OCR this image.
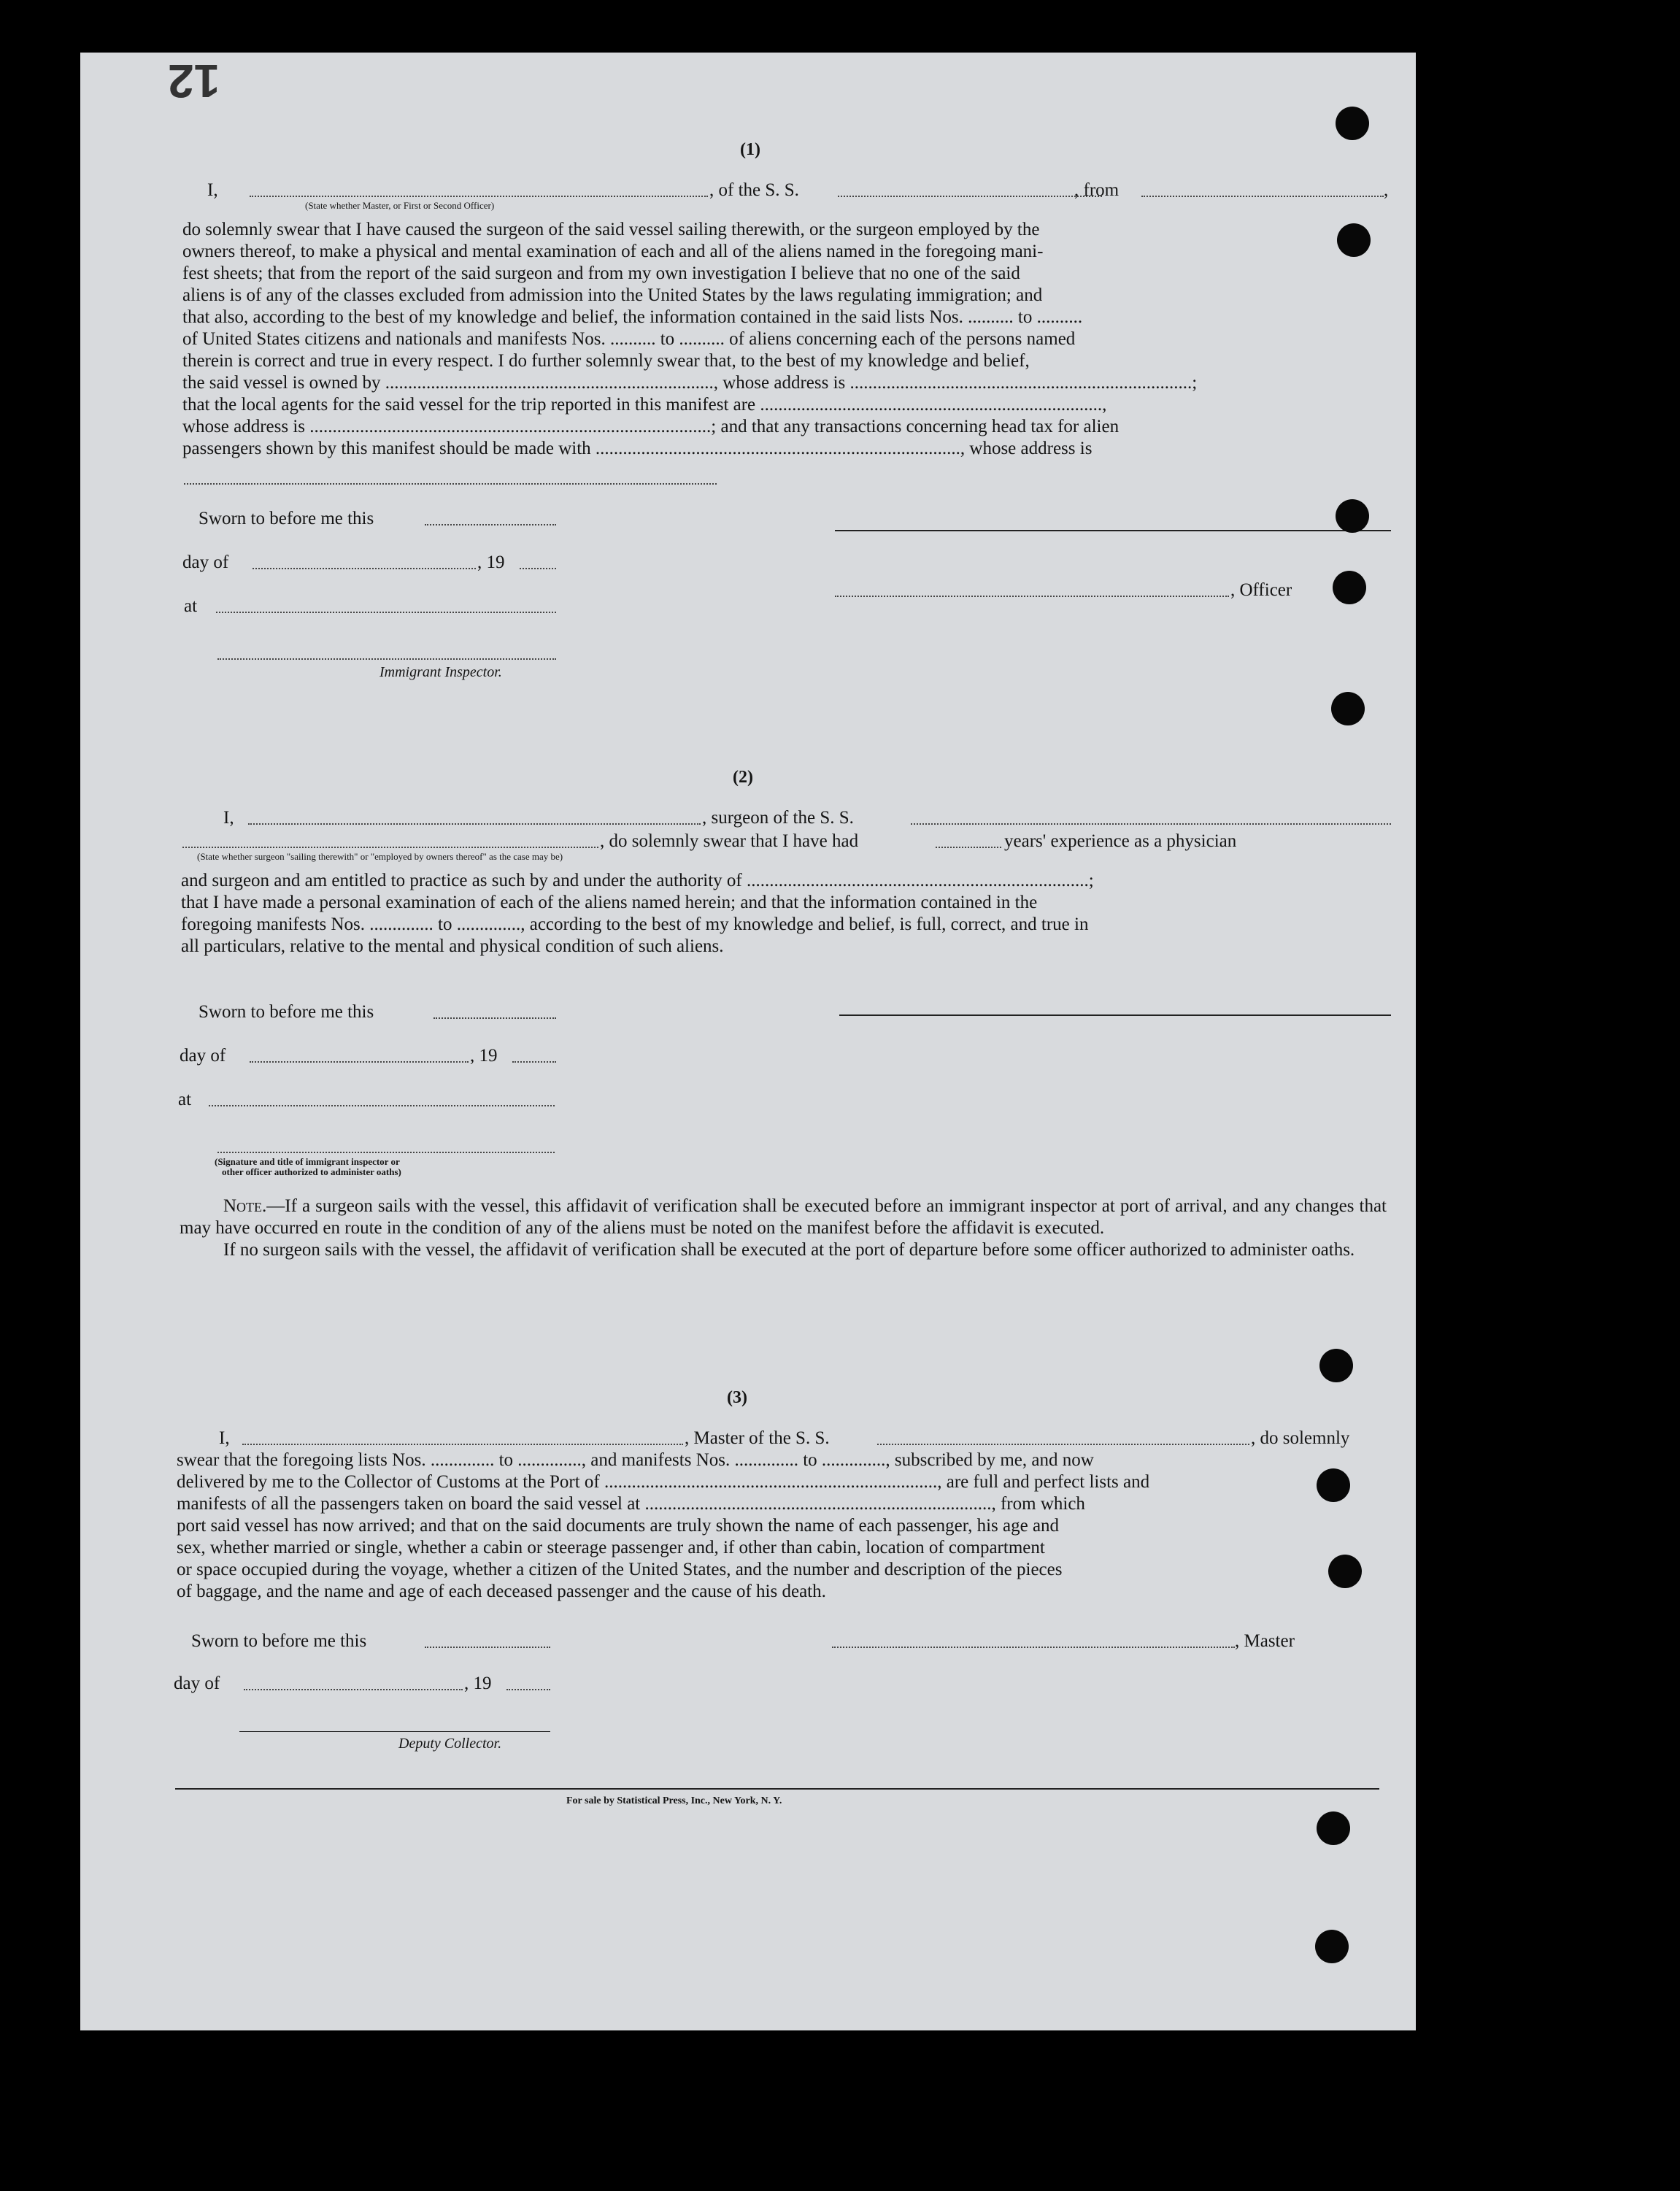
12
(1)
I,
(State whether Master, or First or Second Officer)
, of the S. S.	, from	,

do solemnly swear that I have caused the surgeon of the said vessel sailing therewith, or the surgeon employed by the

owners thereof, to make a physical and mental examination of each and all of the aliens named in the foregoing mani-

fest sheets; that from the report of the said surgeon and from my own investigation I believe that no one of the said

aliens is of any of the classes excluded from admission into the United States by the laws regulating immigration; and

that also, according to the best of my knowledge and belief, the information contained in the said lists Nos. .......... to ..........

of United States citizens and nationals and manifests Nos. .......... to .......... of aliens concerning each of the persons named

therein is correct and true in every respect. I do further solemnly swear that, to the best of my knowledge and belief,

the said vessel is owned by ........................................................................, whose address is ...........................................................................;

that the local agents for the said vessel for the trip reported in this manifest are ...........................................................................,

whose address is ........................................................................................; and that any transactions concerning head tax for alien

passengers shown by this manifest should be made with ................................................................................, whose address is

Sworn to before me this
day of	, 19
, Officer
at
Immigrant Inspector.
(2)
I,	, surgeon of the S. S.
, do solemnly swear that I have had	years' experience as a physician
(State whether surgeon "sailing therewith" or "employed by owners thereof" as the case may be)

and surgeon and am entitled to practice as such by and under the authority of ...........................................................................;

that I have made a personal examination of each of the aliens named herein; and that the information contained in the

foregoing manifests Nos. .............. to .............., according to the best of my knowledge and belief, is full, correct, and true in

all particulars, relative to the mental and physical condition of such aliens.

Sworn to before me this
day of	, 19
at
(Signature and title of immigrant inspector or
other officer authorized to administer oaths)

Note.—If a surgeon sails with the vessel, this affidavit of verification shall be executed before an immigrant inspector at port of arrival, and any changes that may have occurred en route in the condition of any of the aliens must be noted on the manifest before the affidavit is executed.

If no surgeon sails with the vessel, the affidavit of verification shall be executed at the port of departure before some officer authorized to administer oaths.

(3)
I,	, Master of the S. S.	, do solemnly

swear that the foregoing lists Nos. .............. to .............., and manifests Nos. .............. to .............., subscribed by me, and now

delivered by me to the Collector of Customs at the Port of ........................................................................., are full and perfect lists and

manifests of all the passengers taken on board the said vessel at ............................................................................, from which

port said vessel has now arrived; and that on the said documents are truly shown the name of each passenger, his age and

sex, whether married or single, whether a cabin or steerage passenger and, if other than cabin, location of compartment

or space occupied during the voyage, whether a citizen of the United States, and the number and description of the pieces

of baggage, and the name and age of each deceased passenger and the cause of his death.

Sworn to before me this	, Master
day of	, 19
Deputy Collector.
For sale by Statistical Press, Inc., New York, N. Y.
